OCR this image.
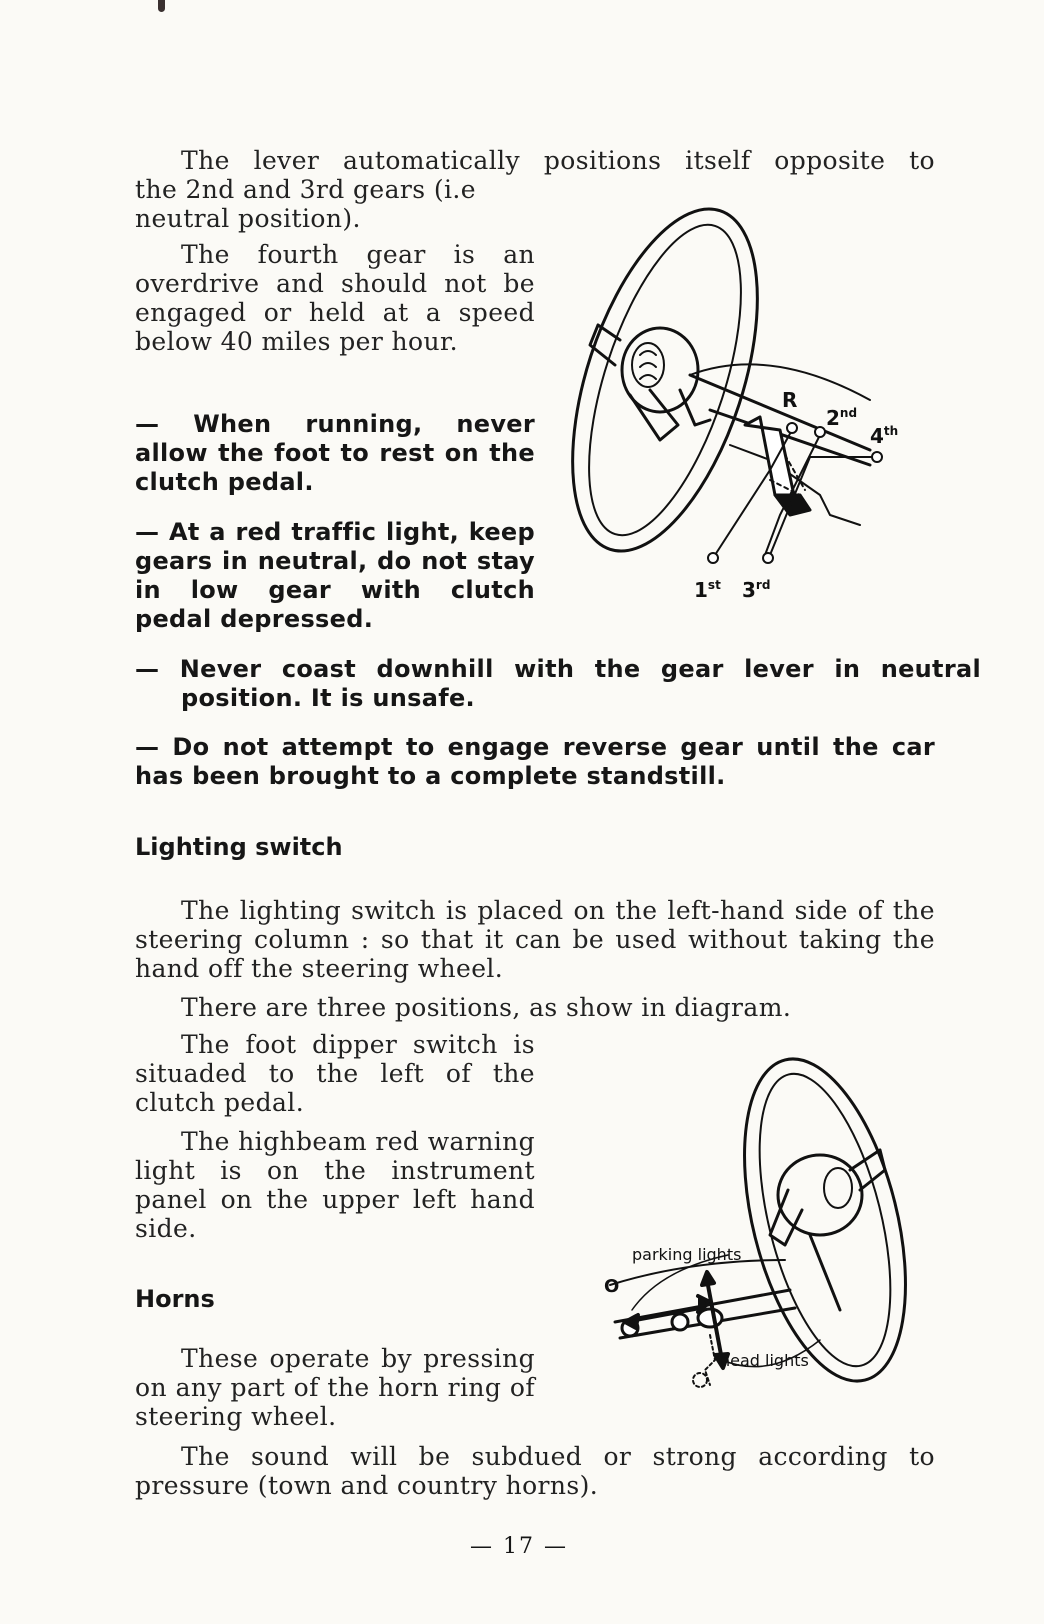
The lever automatically positions itself opposite to
the 2nd and 3rd gears (i.e
neutral position).
The fourth gear is an overdrive and should not be engaged or held at a speed below 40 miles per hour.
— When running, never allow the foot to rest on the clutch pedal.
— At a red traffic light, keep gears in neutral, do not stay in low gear with clutch pedal depressed.
— Never coast downhill with the gear lever in neutral position. It is unsafe.
— Do not attempt to engage reverse gear until the car has been brought to a complete standstill.
R
2nd
4th
1st 3rd
Lighting switch
The lighting switch is placed on the left-hand side of the steering column : so that it can be used without taking the hand off the steering wheel.
There are three positions, as show in diagram.
The foot dipper switch is situaded to the left of the clutch pedal.
The highbeam red warning light is on the instrument panel on the upper left hand side.
parking lights
O
head lights
Horns
These operate by pressing on any part of the horn ring of steering wheel.
The sound will be subdued or strong according to pressure (town and country horns).
— 17 —
